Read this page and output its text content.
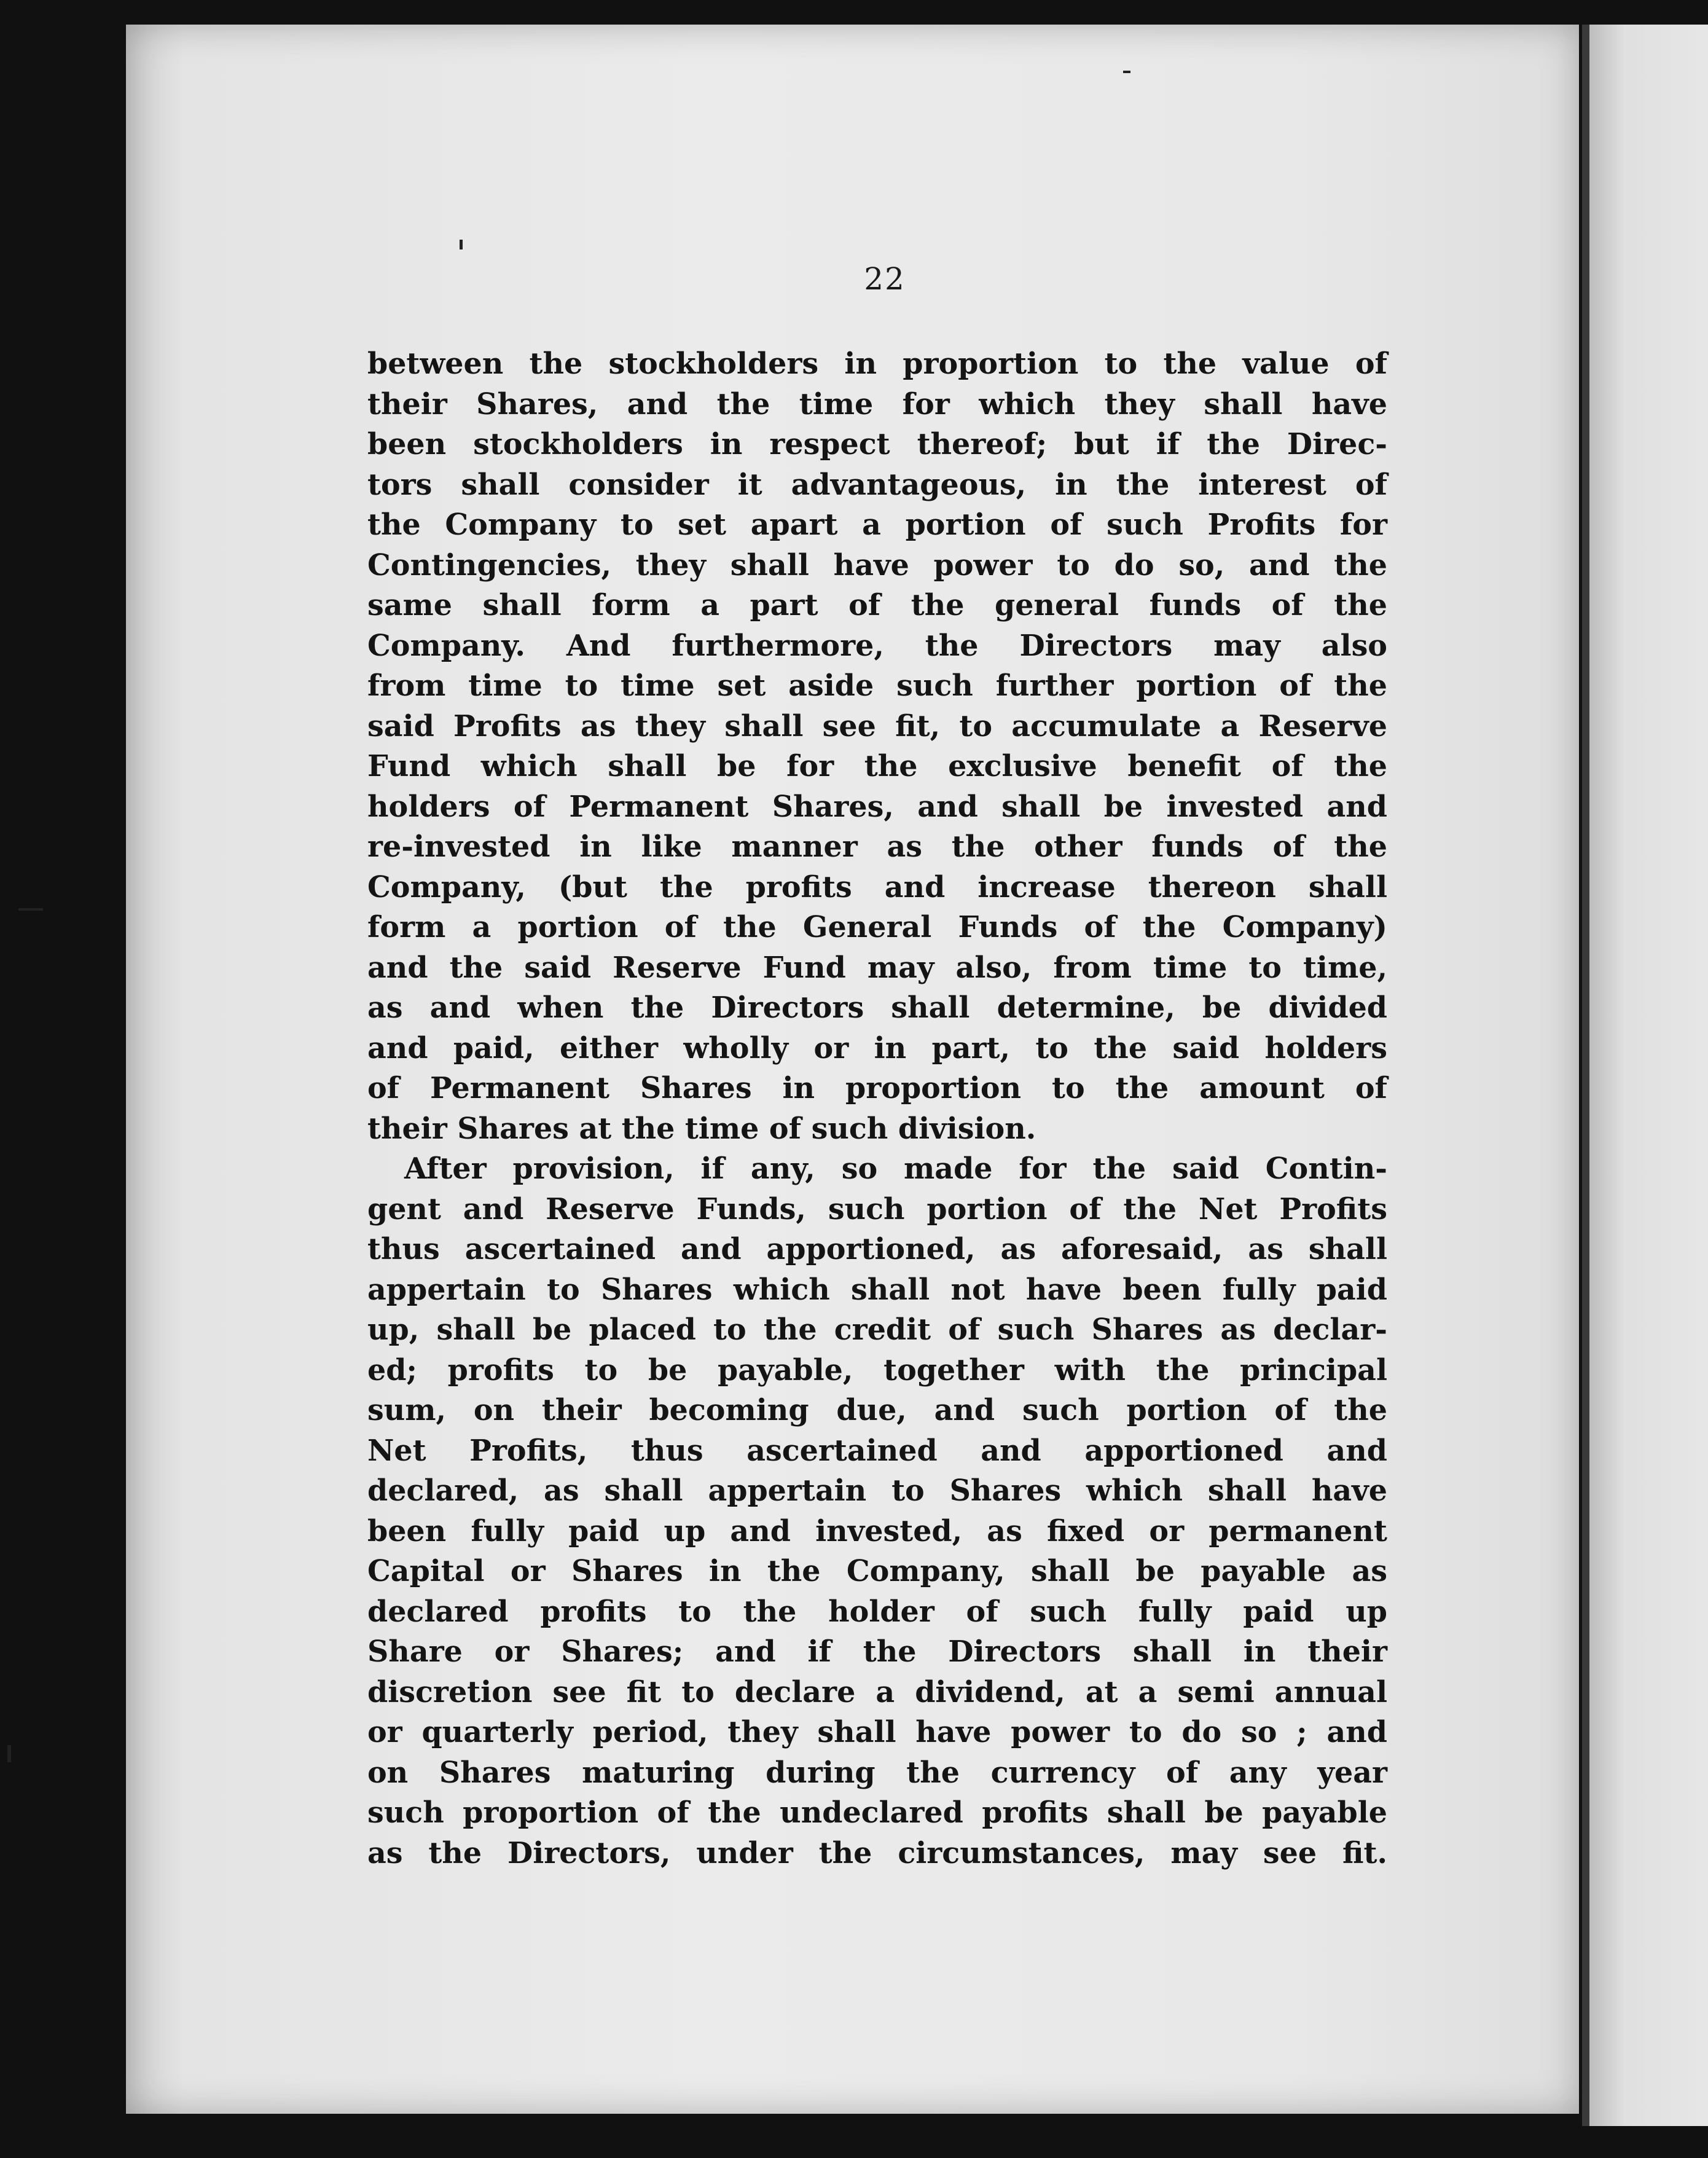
22
between the stockholders in proportion to the value of
their Shares, and the time for which they shall have
been stockholders in respect thereof; but if the Direc-
tors shall consider it advantageous, in the interest of
the Company to set apart a portion of such Profits for
Contingencies, they shall have power to do so, and the
same shall form a part of the general funds of the
Company. And furthermore, the Directors may also
from time to time set aside such further portion of the
said Profits as they shall see fit, to accumulate a Reserve
Fund which shall be for the exclusive benefit of the
holders of Permanent Shares, and shall be invested and
re-invested in like manner as the other funds of the
Company, (but the profits and increase thereon shall
form a portion of the General Funds of the Company)
and the said Reserve Fund may also, from time to time,
as and when the Directors shall determine, be divided
and paid, either wholly or in part, to the said holders
of Permanent Shares in proportion to the amount of
their Shares at the time of such division.
After provision, if any, so made for the said Contin-
gent and Reserve Funds, such portion of the Net Profits
thus ascertained and apportioned, as aforesaid, as shall
appertain to Shares which shall not have been fully paid
up, shall be placed to the credit of such Shares as declar-
ed; profits to be payable, together with the principal
sum, on their becoming due, and such portion of the
Net Profits, thus ascertained and apportioned and
declared, as shall appertain to Shares which shall have
been fully paid up and invested, as fixed or permanent
Capital or Shares in the Company, shall be payable as
declared profits to the holder of such fully paid up
Share or Shares; and if the Directors shall in their
discretion see fit to declare a dividend, at a semi annual
or quarterly period, they shall have power to do so ; and
on Shares maturing during the currency of any year
such proportion of the undeclared profits shall be payable
as the Directors, under the circumstances, may see fit.
